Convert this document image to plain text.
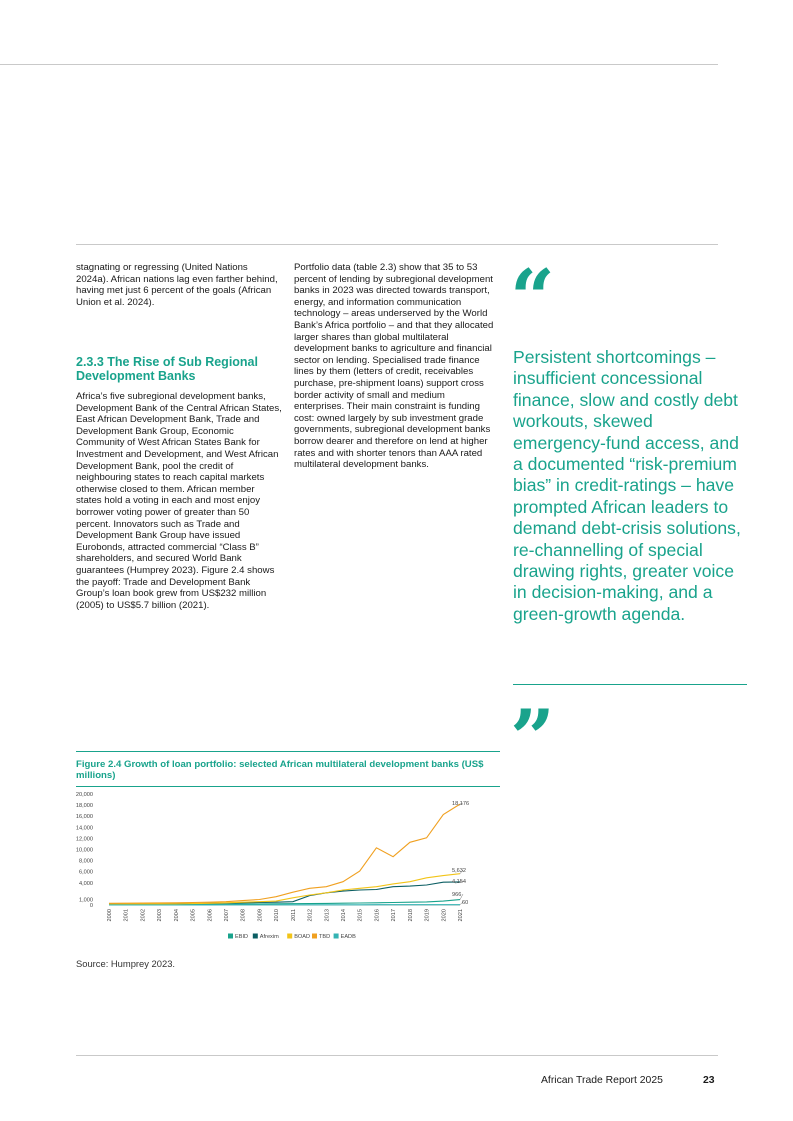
stagnating or regressing (United Nations 2024a). African nations lag even farther behind, having met just 6 percent of the goals (African Union et al. 2024).

2.3.3 The Rise of Sub Regional Development Banks

Africa’s five subregional development banks, Development Bank of the Central African States, East African Development Bank, Trade and Development Bank Group, Economic Community of West African States Bank for Investment and Development, and West African Development Bank, pool the credit of neighbouring states to reach capital markets otherwise closed to them. African member states hold a voting in each and most enjoy borrower voting power of greater than 50 percent. Innovators such as Trade and Development Bank Group have issued Eurobonds, attracted commercial “Class B” shareholders, and secured World Bank guarantees (Humprey 2023). Figure 2.4 shows the payoff: Trade and Development Bank Group’s loan book grew from US$232 million (2005) to US$5.7 billion (2021).

Portfolio data (table 2.3) show that 35 to 53 percent of lending by subregional development banks in 2023 was directed towards transport, energy, and information communication technology – areas underserved by the World Bank’s Africa portfolio – and that they allocated larger shares than global multilateral development banks to agriculture and financial sector on lending. Specialised trade finance lines by them (letters of credit, receivables purchase, pre-shipment loans) support cross border activity of small and medium enterprises. Their main constraint is funding cost: owned largely by sub investment grade governments, subregional development banks borrow dearer and therefore on lend at higher rates and with shorter tenors than AAA rated multilateral development banks.

“
Persistent shortcomings – insufficient concessional finance, slow and costly debt workouts, skewed emergency-fund access, and a documented “risk-premium bias” in credit-ratings – have prompted African leaders to demand debt-crisis solutions, re-channelling of special drawing rights, greater voice in decision-making, and a green-growth agenda.
”
Figure 2.4 Growth of loan portfolio: selected African multilateral development banks (US$ millions)
0
1,000
4,000
6,000
8,000
10,000
12,000
14,000
16,000
18,000
20,000
2000 2001 2002 2003 2004 2005 2006 2007 2008 2009 2010 2011 2012 2013 2014 2015 2016 2017 2018 2019 2020 2021
18,176
5,632
4,154
966
60
EBID Afrexim	BOAD TBD EADB
Source: Humprey 2023.
African Trade Report 2025	23
